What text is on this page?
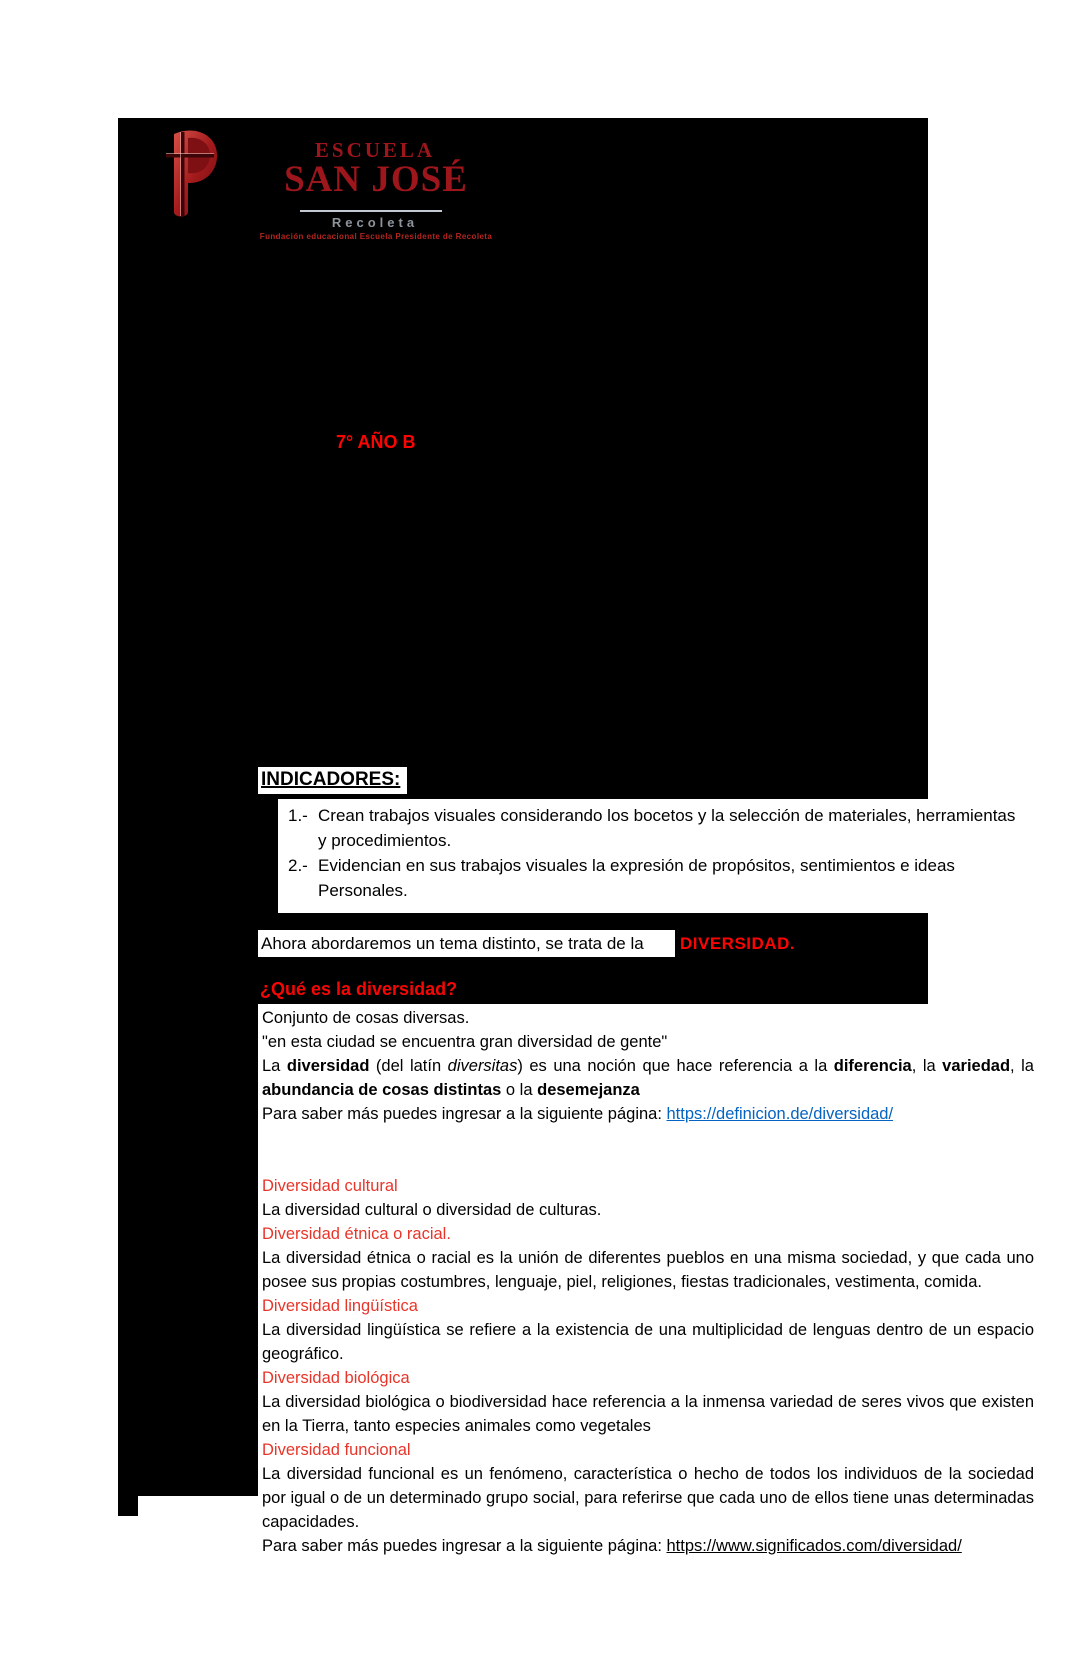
ESCUELA
SAN JOSÉ
Recoleta
Fundación educacional Escuela Presidente de Recoleta
7° AÑO B
INDICADORES:
1.- Crean trabajos visuales considerando los bocetos y la selección de materiales, herramientas y procedimientos.
2.- Evidencian en sus trabajos visuales la expresión de propósitos, sentimientos e ideas Personales.
Ahora abordaremos un tema distinto, se trata de la	DIVERSIDAD.
¿Qué es la diversidad?

Conjunto de cosas diversas.

"en esta ciudad se encuentra gran diversidad de gente"

La diversidad (del latín diversitas) es una noción que hace referencia a la diferencia, la variedad, la abundancia de cosas distintas o la desemejanza

Para saber más puedes ingresar a la siguiente página: https://definicion.de/diversidad/

Diversidad cultural

La diversidad cultural o diversidad de culturas.

Diversidad étnica o racial.

La diversidad étnica o racial es la unión de diferentes pueblos en una misma sociedad, y que cada uno posee sus propias costumbres, lenguaje, piel, religiones, fiestas tradicionales, vestimenta, comida.

Diversidad lingüística

La diversidad lingüística se refiere a la existencia de una multiplicidad de lenguas dentro de un espacio geográfico.

Diversidad biológica

La diversidad biológica o biodiversidad hace referencia a la inmensa variedad de seres vivos que existen en la Tierra, tanto especies animales como vegetales

Diversidad funcional

La diversidad funcional es un fenómeno, característica o hecho de todos los individuos de la sociedad por igual o de un determinado grupo social, para referirse que cada uno de ellos tiene unas determinadas capacidades.

Para saber más puedes ingresar a la siguiente página: https://www.significados.com/diversidad/
